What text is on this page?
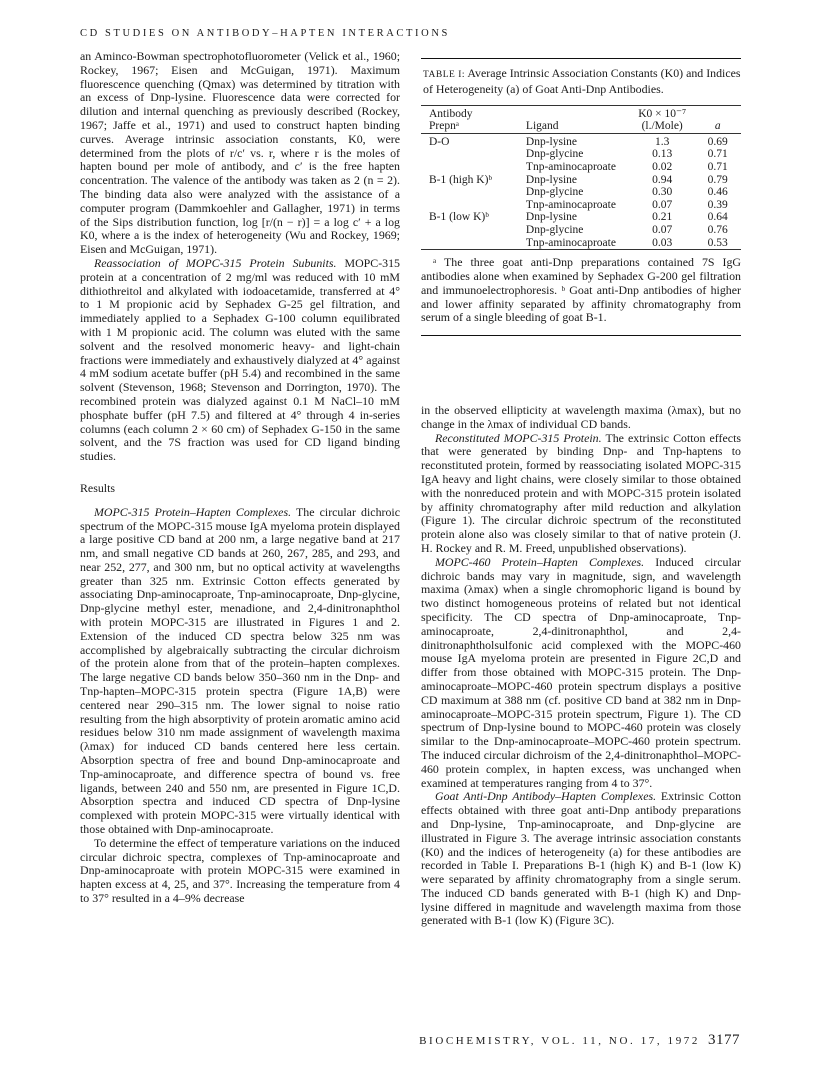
CD STUDIES ON ANTIBODY–HAPTEN INTERACTIONS

an Aminco-Bowman spectrophotofluorometer (Velick et al., 1960; Rockey, 1967; Eisen and McGuigan, 1971). Maximum fluorescence quenching (Qmax) was determined by titration with an excess of Dnp-lysine. Fluorescence data were corrected for dilution and internal quenching as previously described (Rockey, 1967; Jaffe et al., 1971) and used to construct hapten binding curves. Average intrinsic association constants, K0, were determined from the plots of r/c′ vs. r, where r is the moles of hapten bound per mole of antibody, and c′ is the free hapten concentration. The valence of the antibody was taken as 2 (n = 2). The binding data also were analyzed with the assistance of a computer program (Dammkoehler and Gallagher, 1971) in terms of the Sips distribution function, log [r/(n − r)] = a log c′ + a log K0, where a is the index of heterogeneity (Wu and Rockey, 1969; Eisen and McGuigan, 1971).

Reassociation of MOPC-315 Protein Subunits. MOPC-315 protein at a concentration of 2 mg/ml was reduced with 10 mM dithiothreitol and alkylated with iodoacetamide, transferred at 4° to 1 M propionic acid by Sephadex G-25 gel filtration, and immediately applied to a Sephadex G-100 column equilibrated with 1 M propionic acid. The column was eluted with the same solvent and the resolved monomeric heavy- and light-chain fractions were immediately and exhaustively dialyzed at 4° against 4 mM sodium acetate buffer (pH 5.4) and recombined in the same solvent (Stevenson, 1968; Stevenson and Dorrington, 1970). The recombined protein was dialyzed against 0.1 M NaCl–10 mM phosphate buffer (pH 7.5) and filtered at 4° through 4 in-series columns (each column 2 × 60 cm) of Sephadex G-150 in the same solvent, and the 7S fraction was used for CD ligand binding studies.

Results

MOPC-315 Protein–Hapten Complexes. The circular dichroic spectrum of the MOPC-315 mouse IgA myeloma protein displayed a large positive CD band at 200 nm, a large negative band at 217 nm, and small negative CD bands at 260, 267, 285, and 293, and near 252, 277, and 300 nm, but no optical activity at wavelengths greater than 325 nm. Extrinsic Cotton effects generated by associating Dnp-aminocaproate, Tnp-aminocaproate, Dnp-glycine, Dnp-glycine methyl ester, menadione, and 2,4-dinitronaphthol with protein MOPC-315 are illustrated in Figures 1 and 2. Extension of the induced CD spectra below 325 nm was accomplished by algebraically subtracting the circular dichroism of the protein alone from that of the protein–hapten complexes. The large negative CD bands below 350–360 nm in the Dnp- and Tnp-hapten–MOPC-315 protein spectra (Figure 1A,B) were centered near 290–315 nm. The lower signal to noise ratio resulting from the high absorptivity of protein aromatic amino acid residues below 310 nm made assignment of wavelength maxima (λmax) for induced CD bands centered here less certain. Absorption spectra of free and bound Dnp-aminocaproate and Tnp-aminocaproate, and difference spectra of bound vs. free ligands, between 240 and 550 nm, are presented in Figure 1C,D. Absorption spectra and induced CD spectra of Dnp-lysine complexed with protein MOPC-315 were virtually identical with those obtained with Dnp-aminocaproate.

To determine the effect of temperature variations on the induced circular dichroic spectra, complexes of Tnp-aminocaproate and Dnp-aminocaproate with protein MOPC-315 were examined in hapten excess at 4, 25, and 37°. Increasing the temperature from 4 to 37° resulted in a 4–9% decrease

TABLE I: Average Intrinsic Association Constants (K0) and Indices of Heterogeneity (a) of Goat Anti-Dnp Antibodies.

Antibody		K0 × 10⁻⁷	
Prepnᵃ	Ligand	(l./Mole)	a

D-O	Dnp-lysine	1.3	0.69
	Dnp-glycine	0.13	0.71
	Tnp-aminocaproate	0.02	0.71
B-1 (high K)ᵇ	Dnp-lysine	0.94	0.79
	Dnp-glycine	0.30	0.46
	Tnp-aminocaproate	0.07	0.39
B-1 (low K)ᵇ	Dnp-lysine	0.21	0.64
	Dnp-glycine	0.07	0.76
	Tnp-aminocaproate	0.03	0.53

ᵃ The three goat anti-Dnp preparations contained 7S IgG antibodies alone when examined by Sephadex G-200 gel filtration and immunoelectrophoresis. ᵇ Goat anti-Dnp antibodies of higher and lower affinity separated by affinity chromatography from serum of a single bleeding of goat B-1.

in the observed ellipticity at wavelength maxima (λmax), but no change in the λmax of individual CD bands.

Reconstituted MOPC-315 Protein. The extrinsic Cotton effects that were generated by binding Dnp- and Tnp-haptens to reconstituted protein, formed by reassociating isolated MOPC-315 IgA heavy and light chains, were closely similar to those obtained with the nonreduced protein and with MOPC-315 protein isolated by affinity chromatography after mild reduction and alkylation (Figure 1). The circular dichroic spectrum of the reconstituted protein alone also was closely similar to that of native protein (J. H. Rockey and R. M. Freed, unpublished observations).

MOPC-460 Protein–Hapten Complexes. Induced circular dichroic bands may vary in magnitude, sign, and wavelength maxima (λmax) when a single chromophoric ligand is bound by two distinct homogeneous proteins of related but not identical specificity. The CD spectra of Dnp-aminocaproate, Tnp-aminocaproate, 2,4-dinitronaphthol, and 2,4-dinitronaphtholsulfonic acid complexed with the MOPC-460 mouse IgA myeloma protein are presented in Figure 2C,D and differ from those obtained with MOPC-315 protein. The Dnp-aminocaproate–MOPC-460 protein spectrum displays a positive CD maximum at 388 nm (cf. positive CD band at 382 nm in Dnp-aminocaproate–MOPC-315 protein spectrum, Figure 1). The CD spectrum of Dnp-lysine bound to MOPC-460 protein was closely similar to the Dnp-aminocaproate–MOPC-460 protein spectrum. The induced circular dichroism of the 2,4-dinitronaphthol–MOPC-460 protein complex, in hapten excess, was unchanged when examined at temperatures ranging from 4 to 37°.

Goat Anti-Dnp Antibody–Hapten Complexes. Extrinsic Cotton effects obtained with three goat anti-Dnp antibody preparations and Dnp-lysine, Tnp-aminocaproate, and Dnp-glycine are illustrated in Figure 3. The average intrinsic association constants (K0) and the indices of heterogeneity (a) for these antibodies are recorded in Table I. Preparations B-1 (high K) and B-1 (low K) were separated by affinity chromatography from a single serum. The induced CD bands generated with B-1 (high K) and Dnp-lysine differed in magnitude and wavelength maxima from those generated with B-1 (low K) (Figure 3C).

BIOCHEMISTRY, VOL. 11, NO. 17, 1972 3177
